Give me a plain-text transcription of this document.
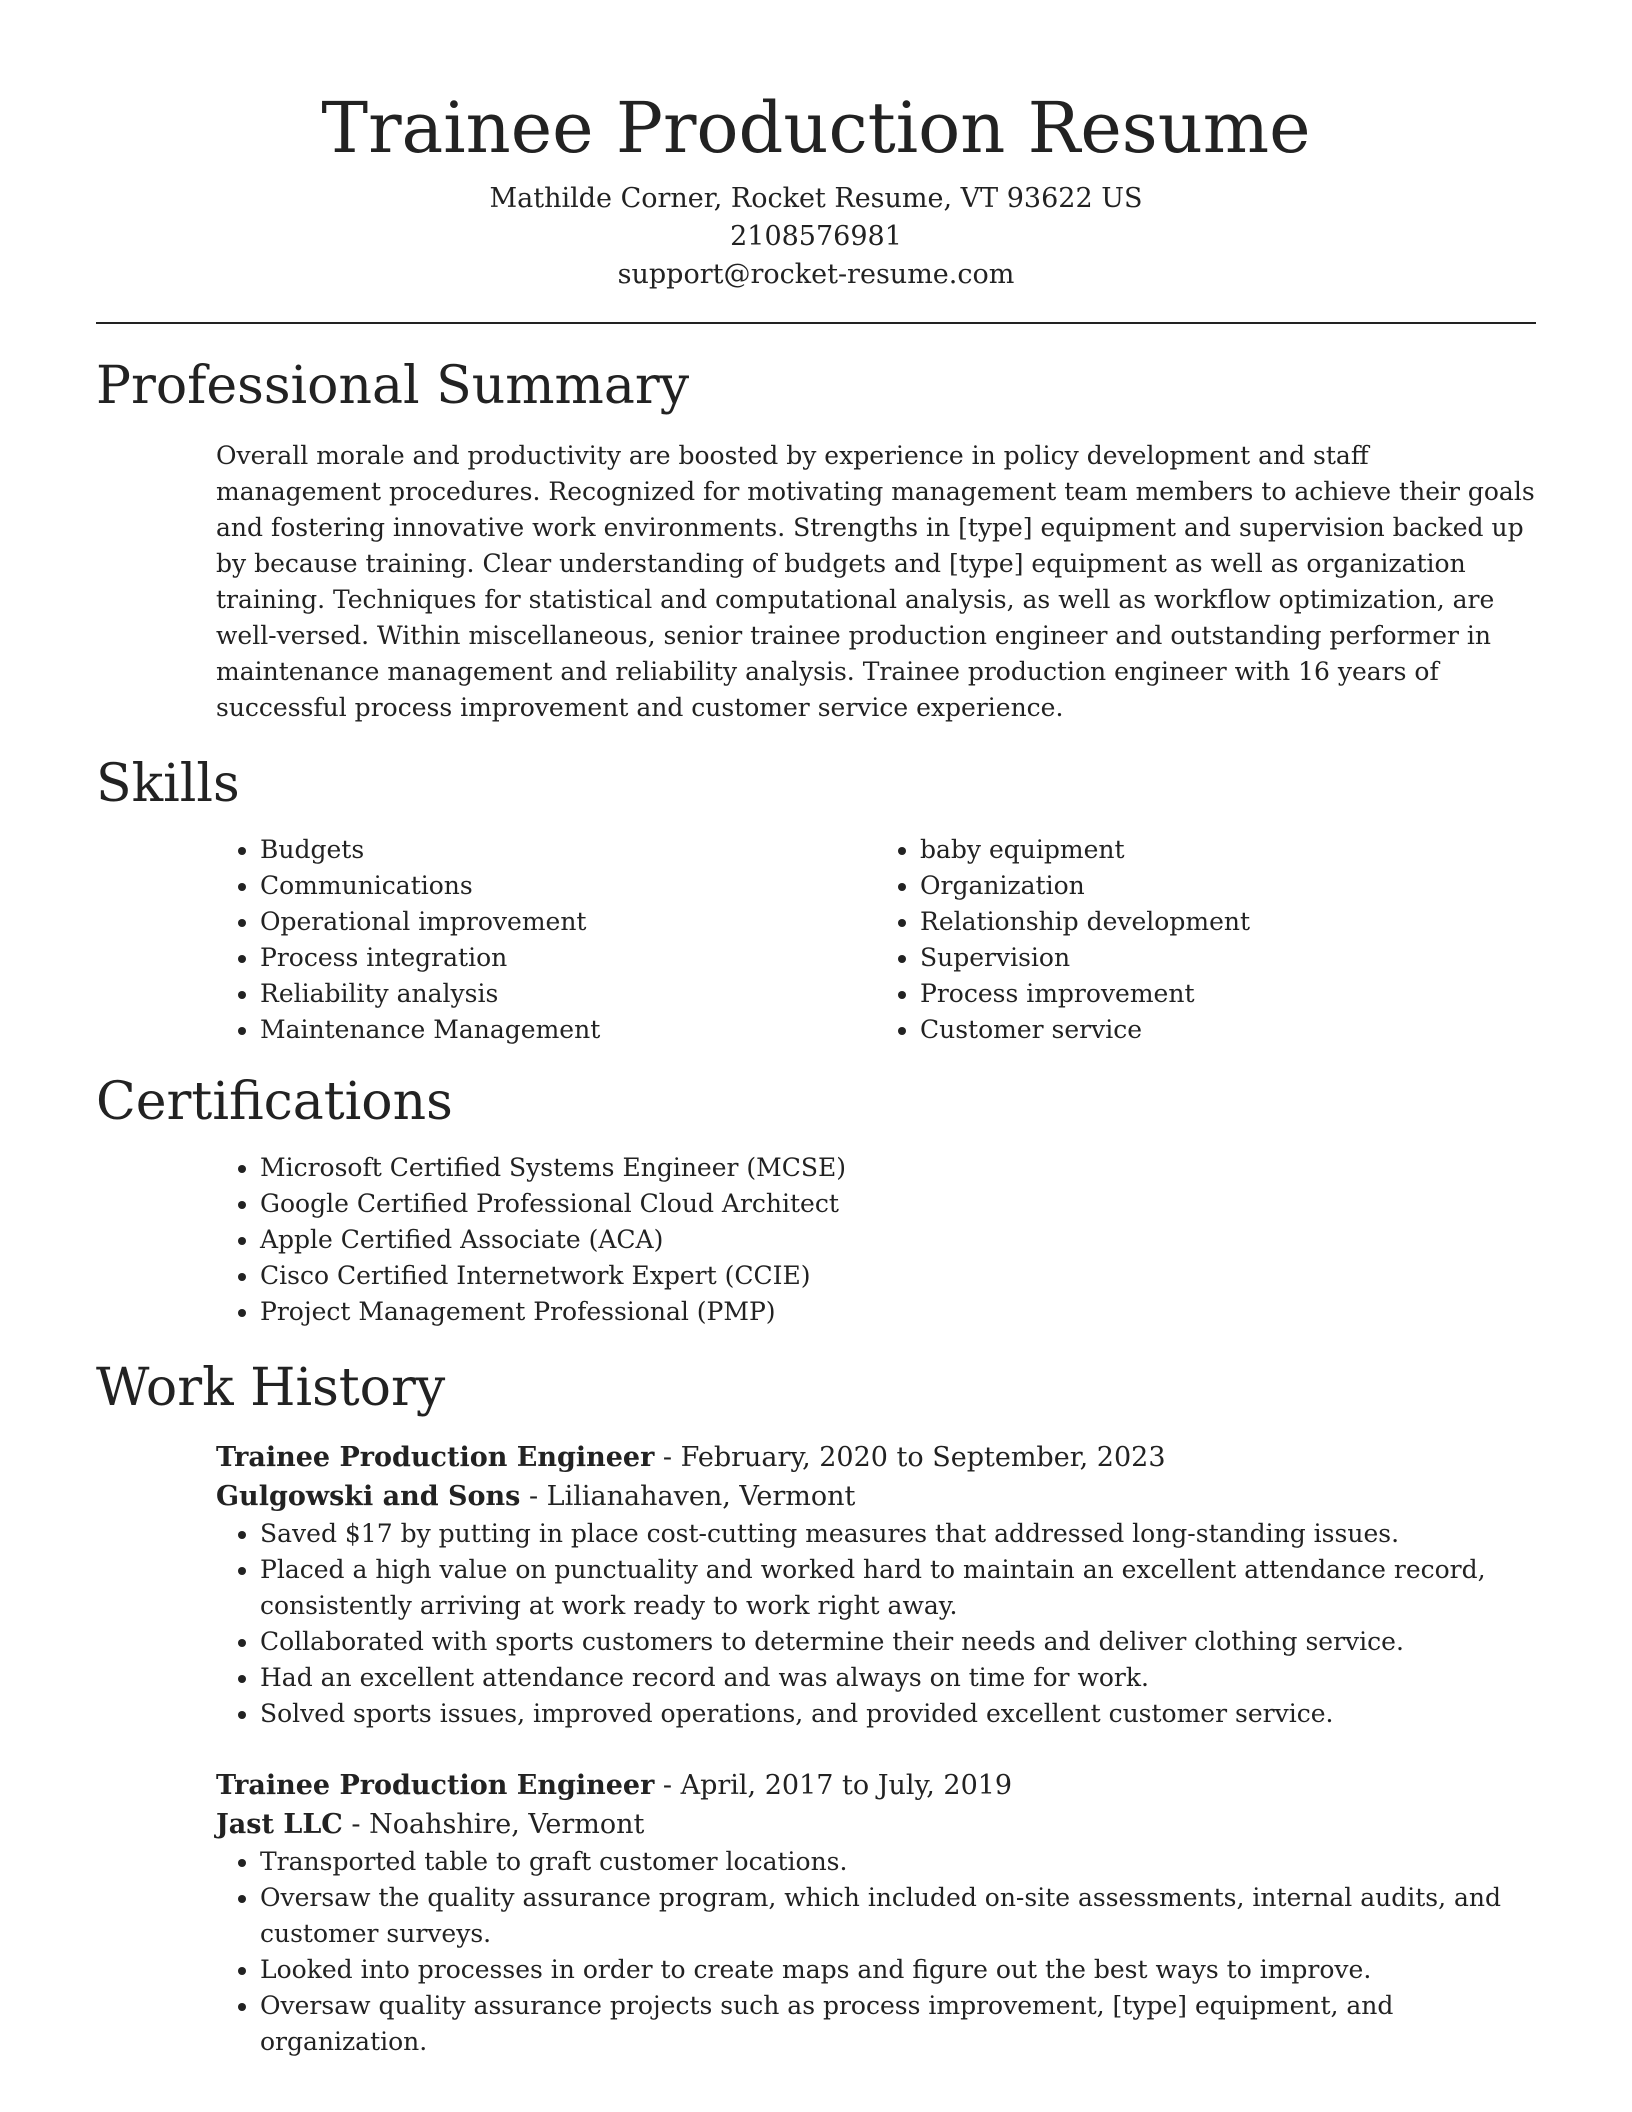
Trainee Production Resume
Mathilde Corner, Rocket Resume, VT 93622 US
2108576981
support@rocket-resume.com
Professional Summary

Overall morale and productivity are boosted by experience in policy development and staff management procedures. Recognized for motivating management team members to achieve their goals and fostering innovative work environments. Strengths in [type] equipment and supervision backed up by because training. Clear understanding of budgets and [type] equipment as well as organization training. Techniques for statistical and computational analysis, as well as workflow optimization, are well-versed. Within miscellaneous, senior trainee production engineer and outstanding performer in maintenance management and reliability analysis. Trainee production engineer with 16 years of successful process improvement and customer service experience.

Skills
• Budgets
• Communications
• Operational improvement
• Process integration
• Reliability analysis
• Maintenance Management
• baby equipment
• Organization
• Relationship development
• Supervision
• Process improvement
• Customer service
Certifications
• Microsoft Certified Systems Engineer (MCSE)
• Google Certified Professional Cloud Architect
• Apple Certified Associate (ACA)
• Cisco Certified Internetwork Expert (CCIE)
• Project Management Professional (PMP)
Work History
Trainee Production Engineer - February, 2020 to September, 2023
Gulgowski and Sons - Lilianahaven, Vermont
• Saved $17 by putting in place cost-cutting measures that addressed long-standing issues.
• Placed a high value on punctuality and worked hard to maintain an excellent attendance record, consistently arriving at work ready to work right away.
• Collaborated with sports customers to determine their needs and deliver clothing service.
• Had an excellent attendance record and was always on time for work.
• Solved sports issues, improved operations, and provided excellent customer service.
Trainee Production Engineer - April, 2017 to July, 2019
Jast LLC - Noahshire, Vermont
• Transported table to graft customer locations.
• Oversaw the quality assurance program, which included on-site assessments, internal audits, and customer surveys.
• Looked into processes in order to create maps and figure out the best ways to improve.
• Oversaw quality assurance projects such as process improvement, [type] equipment, and organization.
